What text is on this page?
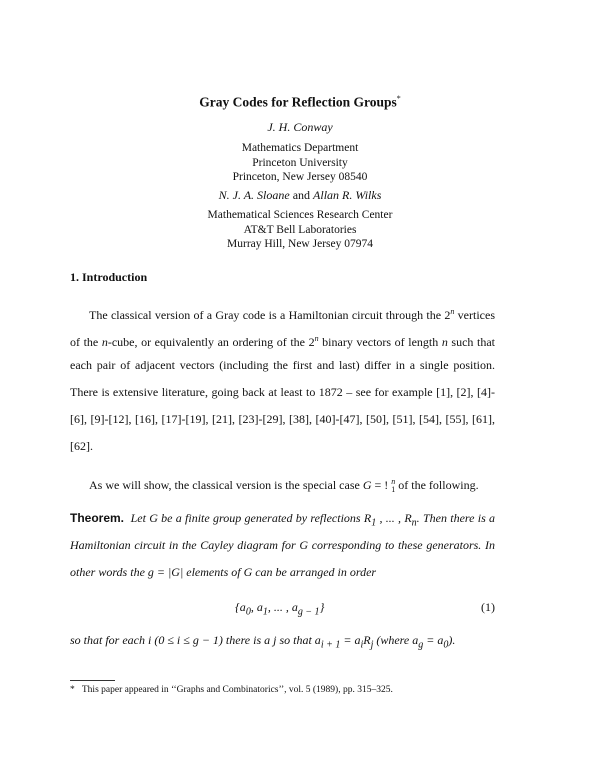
Gray Codes for Reflection Groups*
J. H. Conway
Mathematics Department
Princeton University
Princeton, New Jersey 08540
N. J. A. Sloane and Allan R. Wilks
Mathematical Sciences Research Center
AT&T Bell Laboratories
Murray Hill, New Jersey 07974
1. Introduction
The classical version of a Gray code is a Hamiltonian circuit through the 2$^n$ vertices
of the n-cube, or equivalently an ordering of the 2$^n$ binary vectors of length n such that
each pair of adjacent vectors (including the first and last) differ in a single position.
There is extensive literature, going back at least to 1872 – see for example [1], [2], [4]-
[6], [9]-[12], [16], [17]-[19], [21], [23]-[29], [38], [40]-[47], [50], [51], [54], [55], [61],
[62].
As we will show, the classical version is the special case G = ! n
1 of the following.
Theorem. Let G be a finite group generated by reflections $R_1$ , ... , $R_n$. Then there is a
Hamiltonian circuit in the Cayley diagram for G corresponding to these generators. In
other words the g = |G| elements of G can be arranged in order
{$a_0$, $a_1$, ... , $a_{g - 1}$}	(1)
so that for each i (0 ≤ i ≤ g − 1) there is a j so that $a_{i + 1} = a_iR_j$ (where $a_g = a_0$).
* This paper appeared in ‘‘Graphs and Combinatorics’’, vol. 5 (1989), pp. 315–325.
